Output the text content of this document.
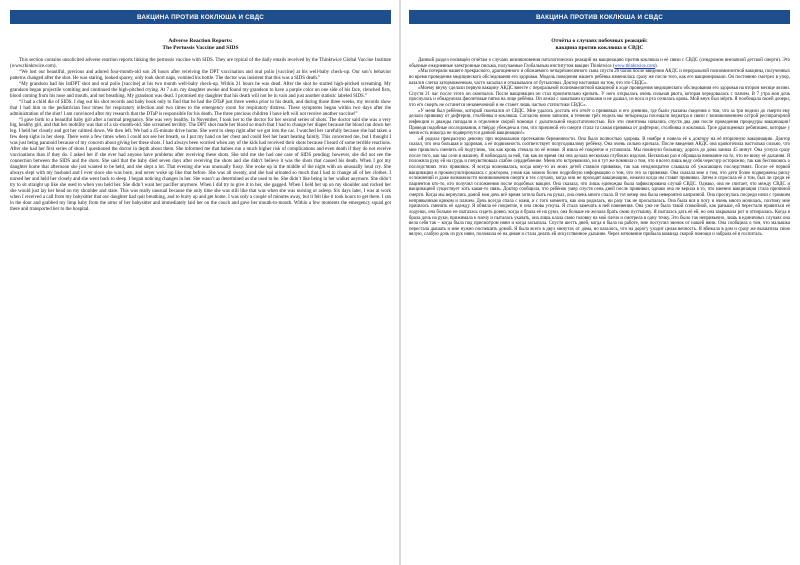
ВАКЦИНА ПРОТИВ КОКЛЮША И СВДС
Adverse Reaction Reports:
The Pertussis Vaccine and SIDS

This section contains unsolicited adverse reaction reports linking the pertussis vaccine with SIDS. They are typical of the daily emails received by the Thinktwice Global Vaccine Institute (www.thinktwice.com).

“We lost our beautiful, precious and adored four-month-old son 26 hours after receiving the DPT vaccination and oral polio [vaccine] at his well-baby check-up. Our son’s behavior patterns changed after the shot. He was staring, looked spacey, only took short naps, vomited his bottle. The doctor was insistent that this was a SIDS death.”

“My grandson had his IstDPT shot and oral polio [vaccine] at his two month well-baby check-up. Within 21 hours he was dead. After the shot he started high-pitched screaming. My grandson began projectile vomiting and continued the high-pitched crying. At 7 a.m. my daughter awoke and found my grandson to have a purple color on one side of his face, clenched fists, blood coming from his nose and mouth, and not breathing. My grandson was dead. I promised my daughter that his death will not be in vain and just another statistic labeled SIDS.”

“I had a child die of SIDS. I dug out his shot records and baby book only to find that he had the DTaP just three weeks prior to his death, and during those three weeks, my records show that I had him to the pediatrician four times for respiratory infection and two times to the emergency room for respiratory distress. These symptoms began within two days after the administration of the shot! I am convinced after my research that the DTaP is responsible for his death. The three precious children I have left will not receive another vaccine!”

“I gave birth to a beautiful baby girl after a normal pregnancy. She was very healthy. In November, I took her to the doctor for her second series of shots. The doctor said she was a very big, healthy girl, and that her mobility was that of a six-month-old. She screamed terribly. The DPT shot made her blood so much that I had to change her diaper because the blood ran down her leg. I held her closely and got her calmed down. We then left. We had a 45-minute drive home. She went to sleep right after we got into the car. I watched her carefully because she had taken a few deep sighs in her sleep. There were a few times when I could not see her breath, so I put my hand on her chest and could feel her heart beating faintly. This concerned me, but I thought I was just being paranoid because of my concern about giving her these shots. I had always been worried when any of the kids had received their shots because I heard of some terrible reactions. After she had her first series of shots I questioned the doctor in depth about them. She informed me that babies run a much higher risk of complications and even death if they do not receive vaccinations than if they do. I asked her if she ever had anyone have problems after receiving these shots. She told me she had one case of SIDS pending; however, she did not see the connection between the SIDS and the shots. She said that the baby died seven days after receiving the shots and she didn’t believe it was the shots that caused his death. When I got my daughter home that afternoon she just wanted to be held, and she slept a lot. That evening she was unusually fussy. She woke up in the middle of the night with an unusually loud cry. She always slept with my husband and I ever since she was born, and never woke up like that before. She was all sweaty, and she had urinated so much that I had to change all of her clothes. I nursed her and held her closely and she went back to sleep. I began noticing changes in her. She wasn’t as determined as she used to be. She didn’t like being in her walker anymore. She didn’t try to sit straight up like she used to when you held her. She didn’t want her pacifier anymore. When I did try to give it to her, she gagged. When I held her up on my shoulder and rocked her she would just lay her head on my shoulder and stare. This was really unusual because the only time she was still like that was when she was nursing or asleep. Six days later, I was at work when I received a call from my babysitter that our daughter had quit breathing, and to hurry up and get home. I was only a couple of minutes away, but it felt like it took hours to get there. I ran in the door and grabbed my limp baby from the arms of her babysitter and immediately laid her on the couch and gave her mouth-to-mouth. Within a few moments the emergency squad got there and transported her to the hospital.

ВАКЦИНА ПРОТИВ КОКЛЮША И СВДС
Отчёты о случаях побочных реакций:
вакцина против коклюша и СВДС

Данный раздел посвящён отчётам о случаях возникновения патологических реакций на вакцинацию против коклюша и её связи с СВДС (синдромом внезапной детской смерти). Это обычные ежедневные электронные письма, получаемые Глобальным институтом вакцин Thinktwice (www.thinktwice.com).

«Мы потеряли нашего прекрасного, драгоценного и обожаемого четырёхмесячного сына спустя 26 часов после введения АКДС и пероральной полиомиелитной вакцины, полученных во время проведения медицинского обследования его здоровья. Модель поведения нашего ребёнка изменилась сразу же после того, как его вакцинировали. Он постоянно смотрел в упор, казался слегка заторможенным, часто засыпал и отказывался от бутылочки. Доктор настаивал на том, что это СВДС».

«Моему внуку сделали первую вакцину АКДС вместе с пероральной полиомиелитной вакциной в ходе проведения медицинского обследования его здоровья на втором месяце жизни. Спустя 21 час после этого он скончался. После вакцинации он стал пронзительно кричать. У него открылась очень сильная рвота, которая чередовалась с плачем. В 7 утра моя дочь проснулась и обнаружила фиолетовые пятна на лице ребёнка. Он лежал с зажатыми кулачками и не дышал, из носа и рта сочилась кровь. Мой внук был мёртв. Я пообещала своей дочери, что его смерть не останется незамеченной и не станет лишь частью статистики СВДС».

«У меня был ребёнок, который скончался от СВДС. Мне удалось достать его отчёт о прививках и его дневник, где были указаны сведения о том, что за три недели до смерти ему делали прививку от дифтерии, столбняка и коклюша. Согласно моим записям, в течение трёх недель мы четырежды посещали педиатра в связи с возникновением острой респираторной инфекции и дважды попадали в отделение скорой помощи с дыхательной недостаточностью. Все эти симптомы начались спустя два дня после проведения процедуры вакцинации! Проведя подобные исследования, я твёрдо убеждена в том, что причиной его смерти стала та самая прививка от дифтерии, столбняка и коклюша. Трое драгоценных ребятишек, которые у меня есть никогда не подвергнутся данной вакцинации!»

«Я родила прекрасную девочку при нормальном протекании беременности. Она была полностью здорова. В ноябре я повела её к доктору на её вторичную вакцинацию. Доктор сказал, что она большая и здоровая, а её подвижность соответствует полугодовалому ребёнку. Она очень сильно кричала. После введения АКДС она кровоточила настолько сильно, что мне пришлось сменить ей подгузник, так как кровь стекала по её ножке. Я взяла её покрепче и успокоила. Мы покинули больницу, дорога до дома заняла 45 минут. Она уснула сразу после того, как мы сели в машину. Я наблюдала за ней, так как во время сна она делала несколько глубоких вздохов. Несколько раз я обращала внимание на то, что не вижу её дыхания. Я положила руку ей на грудь и почувствовала слабое сердцебиение. Меня это встревожило, но я тут же помнила о том, что я всего лишь веду себя чересчур осторожно, так как беспокоюсь о последствиях этих прививок. Я всегда волновалась, когда кому-то из моих детей ставили прививки, так как неоднократно слышала об ужасающих последствиях. После её первой вакцинации я проконсультировалась с доктором, узнав как можно более подробную информацию о том, что это за прививки. Она сказала мне о том, что дети более подвержены риску осложнений и даже возможности возникновения смерти в тех случаях, когда они не проходят вакцинацию, нежели когда им ставят прививки. Затем я спросила её о том, был ли среди её пациентов кто-то, кто получил осложнения после подобных вакцин. Она сказала, что лишь единожды была зафиксирована случай СВДС. Однако, она не считает, что между СВДС и вакцинацией существует хоть какая-то связь. Доктор сообщила, что ребёнок умер спустя семь дней после прививки, однако она не верила в то, что именно вакцинация стала причиной смерти. Когда мы вернулись домой моя дочь всё время хотела быть на руках, она очень много спала. В тот вечер она была невероятно капризной. Она проснулась посреди ночи с громким непривычным криком и плачем. Дочь всегда спала с нами, и с того момента, как она родилась, ни разу так не просыпалась. Она была вся в поту и очень много мочилась, поэтому мне пришлось сменить её одежду. Я обняла её покрепче, и она снова уснула. Я стала замечать в ней изменения. Она уже не была такой спокойной, как раньше, ей перестали нравиться её ходунки, она больше не пыталась сидеть ровно, когда я брала её на руки, она больше не желала брать свою пустышку. Я пыталась дать её ей, но она закрывала рот и отпиралась. Когда я брала дочь на руки, прижимала к плечу и пыталась укачать, она лишь клала свою головку на моё плечо и смотрела в одну точку. Это было так непривычно, лишь в единичных случаях она вела себя так – когда была под присмотром няни и когда засыпала. Спустя шесть дней, когда я была на работе, мне поступил звонок от нашей няни. Она сообщила о том, что малышка перестала дышать и мне нужно поспешить домой. Я была всего в двух минутах от дома, но казалось, что на дорогу уходит целая вечность. Я вбежала в дом и сразу же выхватила свою вялую, слабую дочь из рук няни, положила её на диван и стала делать ей искусственное дыхание. Через мгновение прибыла команда скорой помощи и забрала её в госпиталь.
